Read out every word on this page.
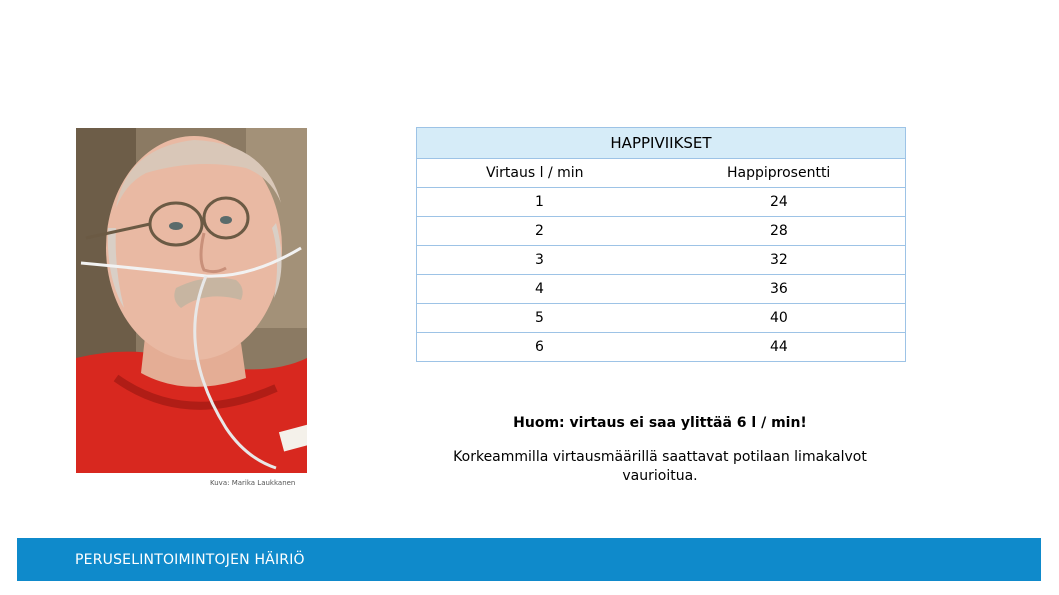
Kuva: Marika Laukkanen
HAPPIVIIKSET	
Virtaus l / min	Happiprosentti
1	24
2	28
3	32
4	36
5	40
6	44
Huom: virtaus ei saa ylittää 6 l / min!
Korkeammilla virtausmäärillä saattavat potilaan limakalvot vaurioitua.
PERUSELINTOIMINTOJEN HÄIRIÖ
